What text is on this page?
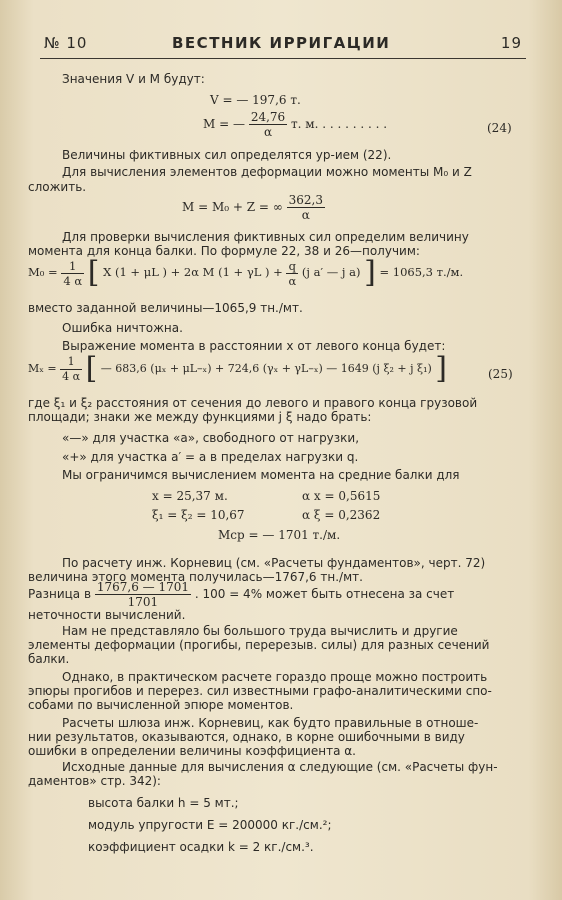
№ 10	ВЕСТНИК ИРРИГАЦИИ	19
Значения V и M будут:
V = — 197,6 т.
M = — $\frac{24,76}{\alpha} т$. м. . . . . . . . . .	(24)
Величины фиктивных сил определятся ур-ием (22).
Для вычисления элементов деформации можно моменты M₀ и Z
сложить.
M = M₀ + Z = ∞ $\frac{362,3}{\alpha}$
Для проверки вычисления фиктивных сил определим величину
момента для конца балки. По формуле 22, 38 и 26—получим:
$M_0 = \frac{1}{4 \alpha}$ [ X (1 + μL ) + 2α M (1 + γL ) + $\frac{q}{\alpha} (j$ a′ — j a) ] = 1065,3 т./м.
вместо заданной величины—1065,9 тн./мт.
Ошибка ничтожна.
Выражение момента в расстоянии x от левого конца будет:
$M_x = \frac{1}{4 \alpha}$ [ — 683,6 (μₓ + μL–ₓ) + 724,6 (γₓ + γL–ₓ) — 1649 (j ξ₂ + j ξ₁) ]	(25)
где ξ₁ и ξ₂ расстояния от сечения до левого и правого конца грузовой
площади; знаки же между функциями j ξ надо брать:
«—» для участка «a», свободного от нагрузки,
«+» для участка a′ = a в пределах нагрузки q.
Мы ограничимся вычислением момента на средние балки для
x = 25,37 м.	α x = 0,5615
ξ₁ = ξ₂ = 10,67	α ξ = 0,2362
Mср = — 1701 т./м.
По расчету инж. Корневиц (см. «Расчеты фундаментов», черт. 72)
величина этого момента получилась—1767,6 тн./мт.
Разница в $\frac{1767,6 — 1701}{1701}$ . 100 = 4% может быть отнесена за счет
неточности вычислений.
Нам не представляло бы большого труда вычислить и другие
элементы деформации (прогибы, перерезыв. силы) для разных сечений
балки.
Однако, в практическом расчете гораздо проще можно построить
эпюры прогибов и перерез. сил известными графо-аналитическими спо-
собами по вычисленной эпюре моментов.
Расчеты шлюза инж. Корневиц, как будто правильные в отноше-
нии результатов, оказываются, однако, в корне ошибочными в виду
ошибки в определении величины коэффициента α.
Исходные данные для вычисления α следующие (см. «Расчеты фун-
даментов» стр. 342):
высота балки h = 5 мт.;
модуль упругости E = 200000 кг./см.²;
коэффициент осадки k = 2 кг./см.³.
